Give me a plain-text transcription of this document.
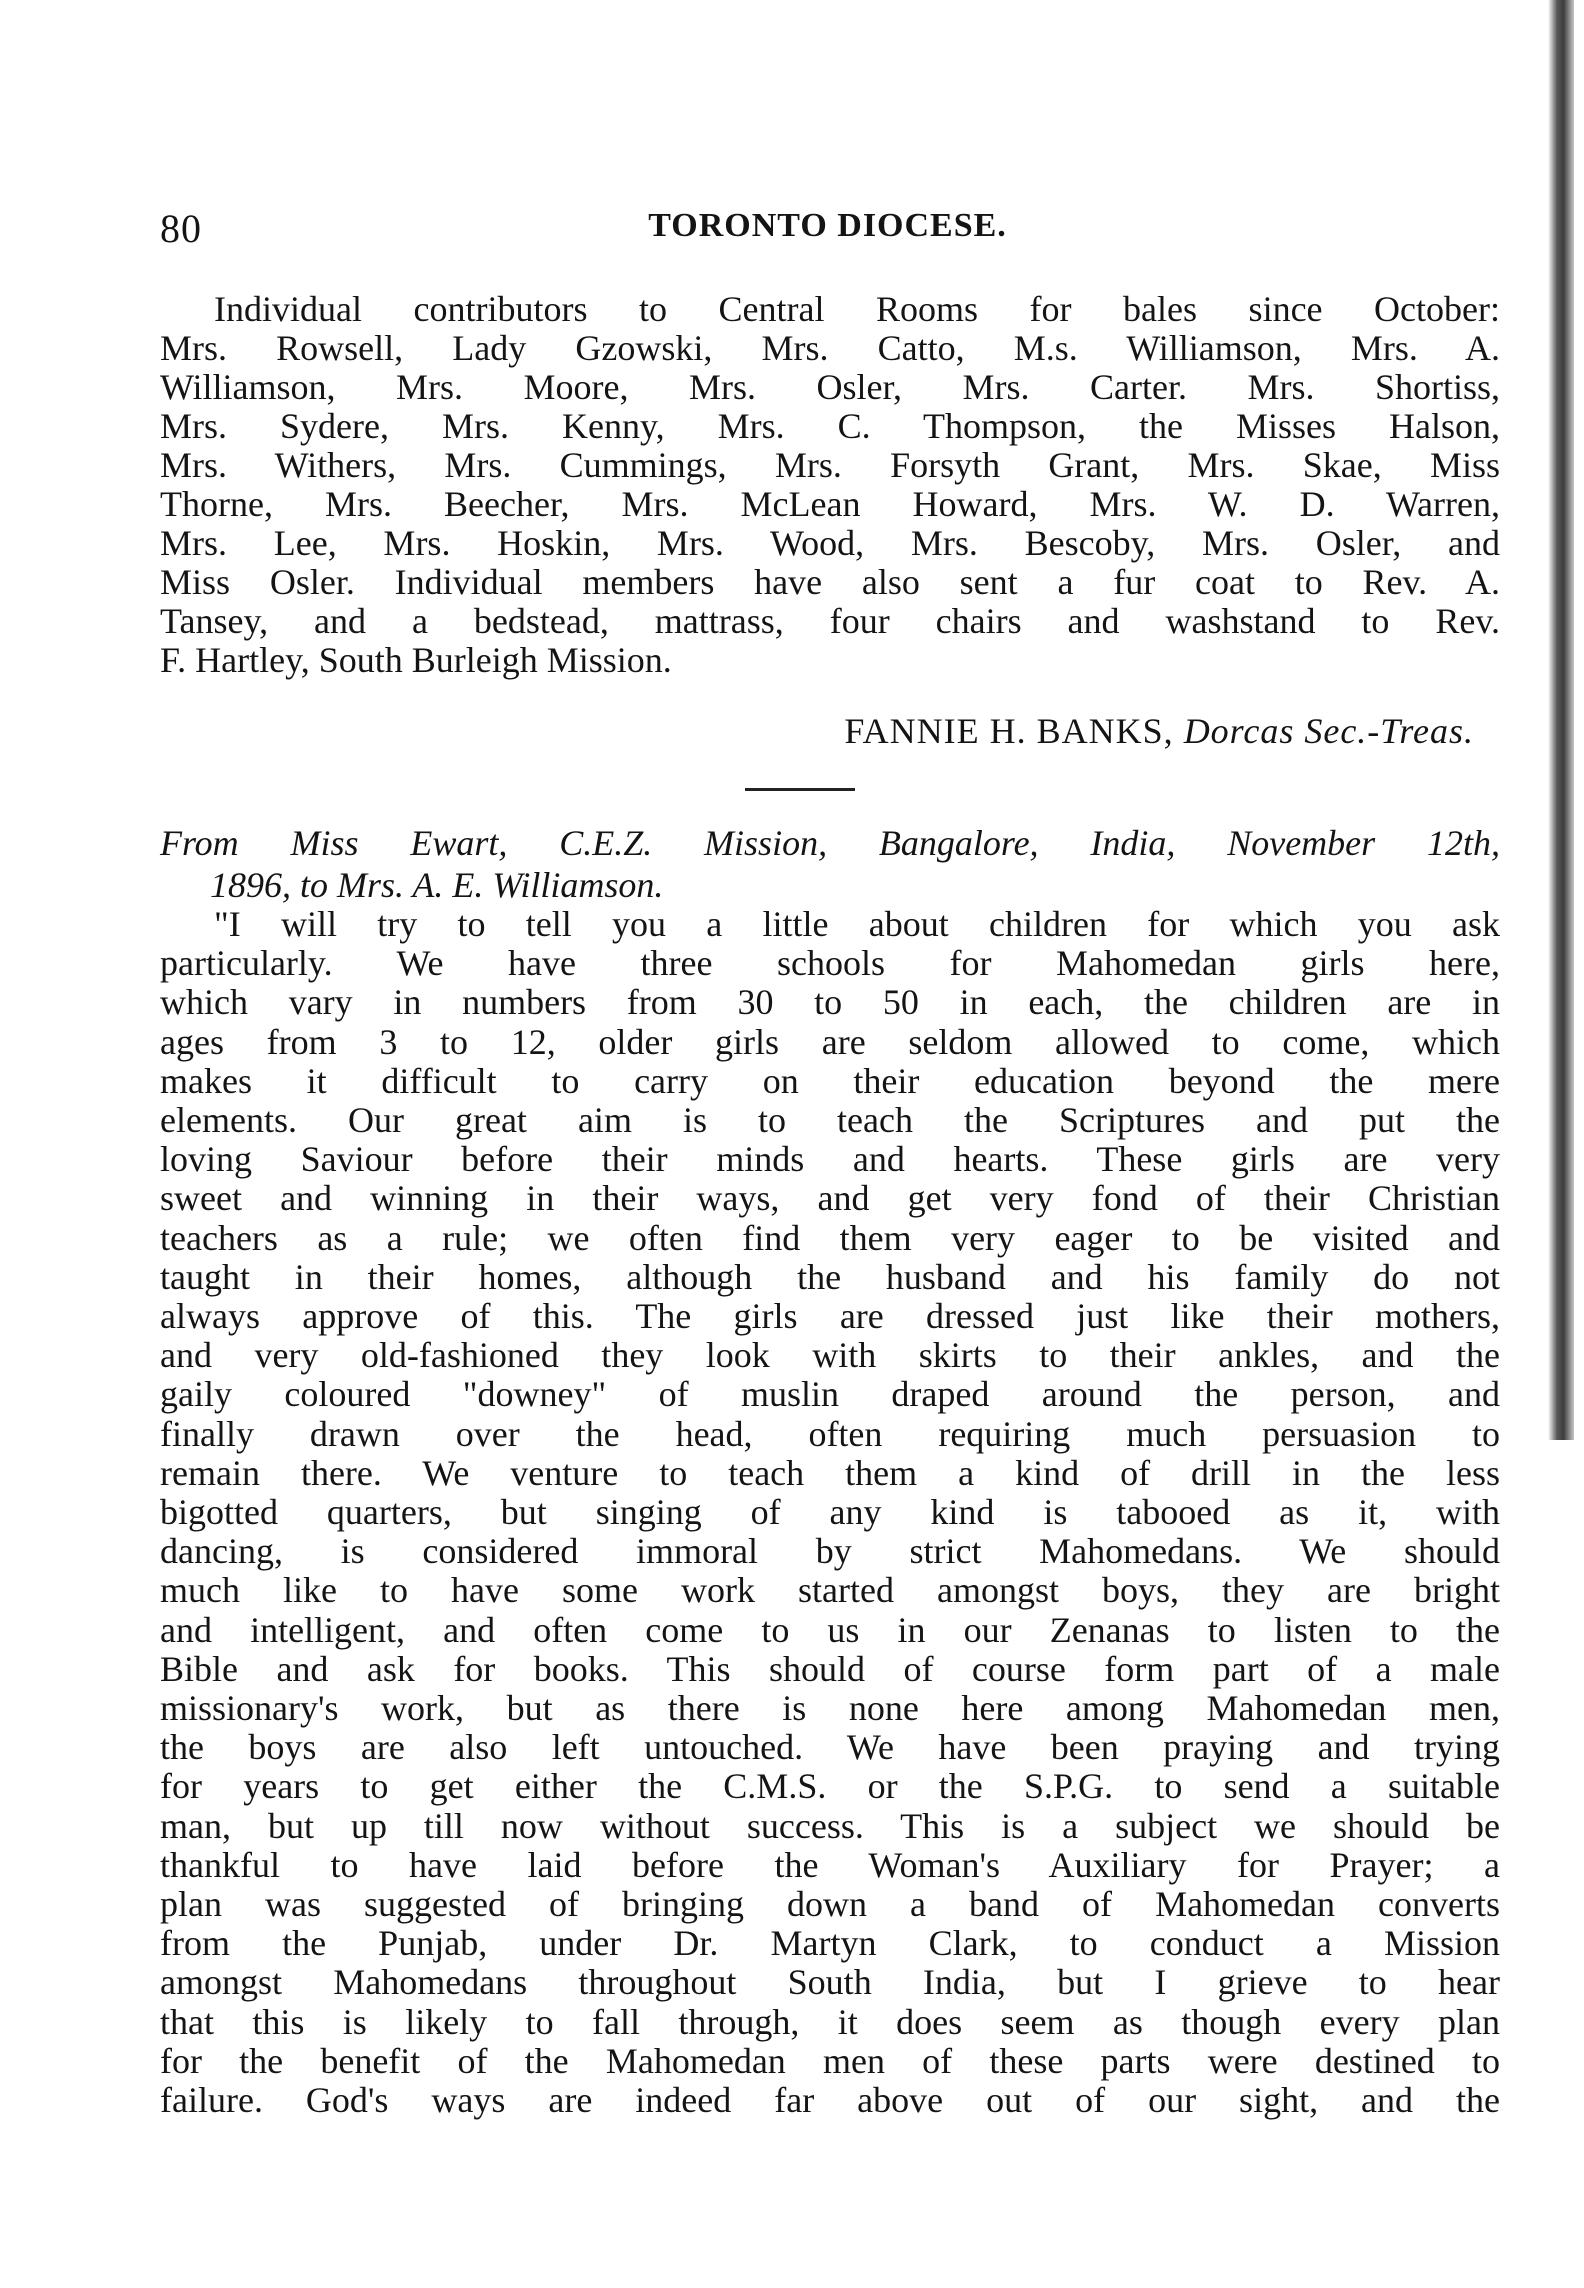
80	TORONTO DIOCESE.
Individual contributors to Central Rooms for bales since October:
Mrs. Rowsell, Lady Gzowski, Mrs. Catto, M.s. Williamson, Mrs. A.
Williamson, Mrs. Moore, Mrs. Osler, Mrs. Carter. Mrs. Shortiss,
Mrs. Sydere, Mrs. Kenny, Mrs. C. Thompson, the Misses Halson,
Mrs. Withers, Mrs. Cummings, Mrs. Forsyth Grant, Mrs. Skae, Miss
Thorne, Mrs. Beecher, Mrs. McLean Howard, Mrs. W. D. Warren,
Mrs. Lee, Mrs. Hoskin, Mrs. Wood, Mrs. Bescoby, Mrs. Osler, and
Miss Osler. Individual members have also sent a fur coat to Rev. A.
Tansey, and a bedstead, mattrass, four chairs and washstand to Rev.
F. Hartley, South Burleigh Mission.
FANNIE H. BANKS, Dorcas Sec.-Treas.
From Miss Ewart, C.E.Z. Mission, Bangalore, India, November 12th,
1896, to Mrs. A. E. Williamson.
"I will try to tell you a little about children for which you ask
particularly. We have three schools for Mahomedan girls here,
which vary in numbers from 30 to 50 in each, the children are in
ages from 3 to 12, older girls are seldom allowed to come, which
makes it difficult to carry on their education beyond the mere
elements. Our great aim is to teach the Scriptures and put the
loving Saviour before their minds and hearts. These girls are very
sweet and winning in their ways, and get very fond of their Christian
teachers as a rule; we often find them very eager to be visited and
taught in their homes, although the husband and his family do not
always approve of this. The girls are dressed just like their mothers,
and very old-fashioned they look with skirts to their ankles, and the
gaily coloured "downey" of muslin draped around the person, and
finally drawn over the head, often requiring much persuasion to
remain there. We venture to teach them a kind of drill in the less
bigotted quarters, but singing of any kind is tabooed as it, with
dancing, is considered immoral by strict Mahomedans. We should
much like to have some work started amongst boys, they are bright
and intelligent, and often come to us in our Zenanas to listen to the
Bible and ask for books. This should of course form part of a male
missionary's work, but as there is none here among Mahomedan men,
the boys are also left untouched. We have been praying and trying
for years to get either the C.M.S. or the S.P.G. to send a suitable
man, but up till now without success. This is a subject we should be
thankful to have laid before the Woman's Auxiliary for Prayer; a
plan was suggested of bringing down a band of Mahomedan converts
from the Punjab, under Dr. Martyn Clark, to conduct a Mission
amongst Mahomedans throughout South India, but I grieve to hear
that this is likely to fall through, it does seem as though every plan
for the benefit of the Mahomedan men of these parts were destined to
failure. God's ways are indeed far above out of our sight, and the
